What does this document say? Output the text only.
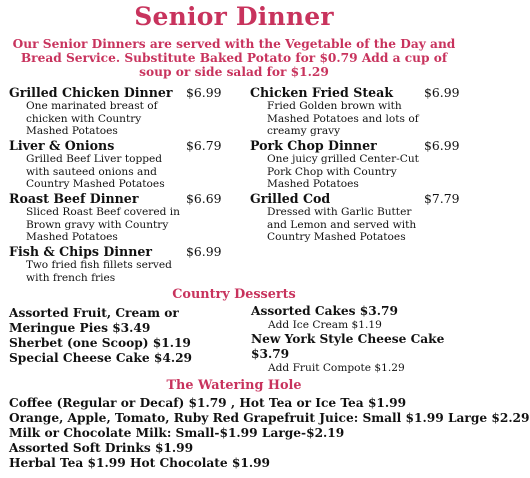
Senior Dinner
Our Senior Dinners are served with the Vegetable of the Day and Bread Service. Substitute Baked Potato for $0.79 Add a cup of soup or side salad for $1.29
Grilled Chicken Dinner
One marinated breast of chicken with Country Mashed Potatoes
$6.99
Liver & Onions
Grilled Beef Liver topped with sauteed onions and Country Mashed Potatoes
$6.79
Roast Beef Dinner
Sliced Roast Beef covered in Brown gravy with Country Mashed Potatoes
$6.69
Fish & Chips Dinner
Two fried fish fillets served with french fries
$6.99
Chicken Fried Steak
Fried Golden brown with Mashed Potatoes and lots of creamy gravy
$6.99
Pork Chop Dinner
One juicy grilled Center-Cut Pork Chop with Country Mashed Potatoes
$6.99
Grilled Cod
Dressed with Garlic Butter and Lemon and served with Country Mashed Potatoes
$7.79
Country Desserts
Assorted Fruit, Cream or
Meringue Pies $3.49
Sherbet (one Scoop) $1.19
Special Cheese Cake $4.29
Assorted Cakes $3.79
Add Ice Cream $1.19
New York Style Cheese Cake
$3.79
Add Fruit Compote $1.29
The Watering Hole
Coffee (Regular or Decaf) $1.79 , Hot Tea or Ice Tea $1.99
Orange, Apple, Tomato, Ruby Red Grapefruit Juice: Small $1.99 Large $2.29
Milk or Chocolate Milk: Small-$1.99 Large-$2.19
Assorted Soft Drinks $1.99
Herbal Tea $1.99 Hot Chocolate $1.99
